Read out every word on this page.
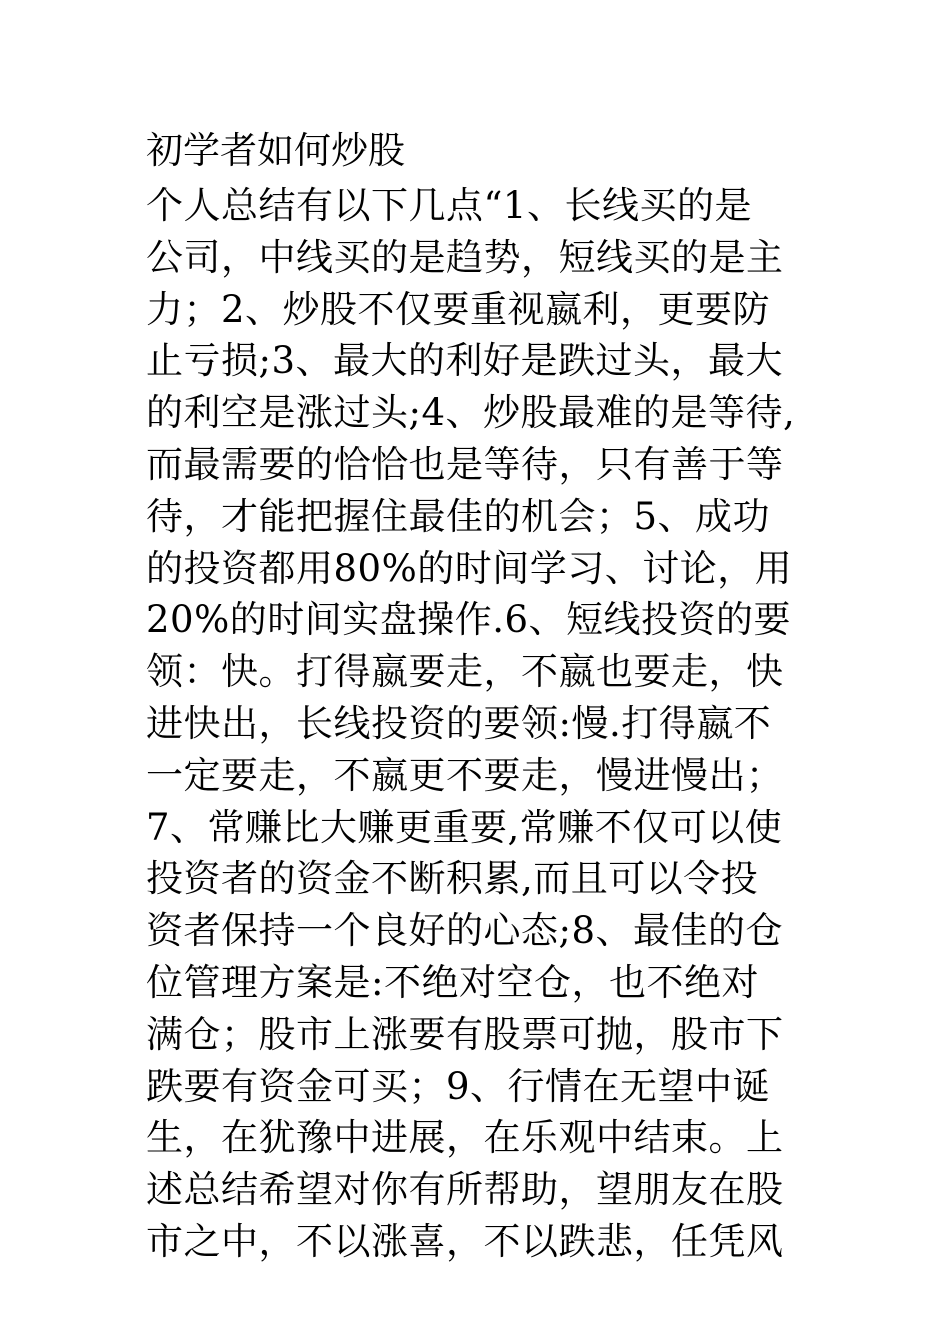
初学者如何炒股
个人总结有以下几点“1、长线买的是
公司，中线买的是趋势，短线买的是主
力；2、炒股不仅要重视嬴利，更要防
止亏损;3、最大的利好是跌过头，最大
的利空是涨过头;4、炒股最难的是等待,
而最需要的恰恰也是等待，只有善于等
待，才能把握住最佳的机会；5、成功
的投资都用80%的时间学习、讨论，用
20%的时间实盘操作.6、短线投资的要
领：快。打得嬴要走，不嬴也要走，快
进快出，长线投资的要领:慢.打得嬴不
一定要走，不嬴更不要走，慢进慢出；
7、常赚比大赚更重要,常赚不仅可以使
投资者的资金不断积累,而且可以令投
资者保持一个良好的心态;8、最佳的仓
位管理方案是:不绝对空仓，也不绝对
满仓；股市上涨要有股票可抛，股市下
跌要有资金可买；9、行情在无望中诞
生，在犹豫中进展，在乐观中结束。上
述总结希望对你有所帮助，望朋友在股
市之中，不以涨喜，不以跌悲，任凭风
